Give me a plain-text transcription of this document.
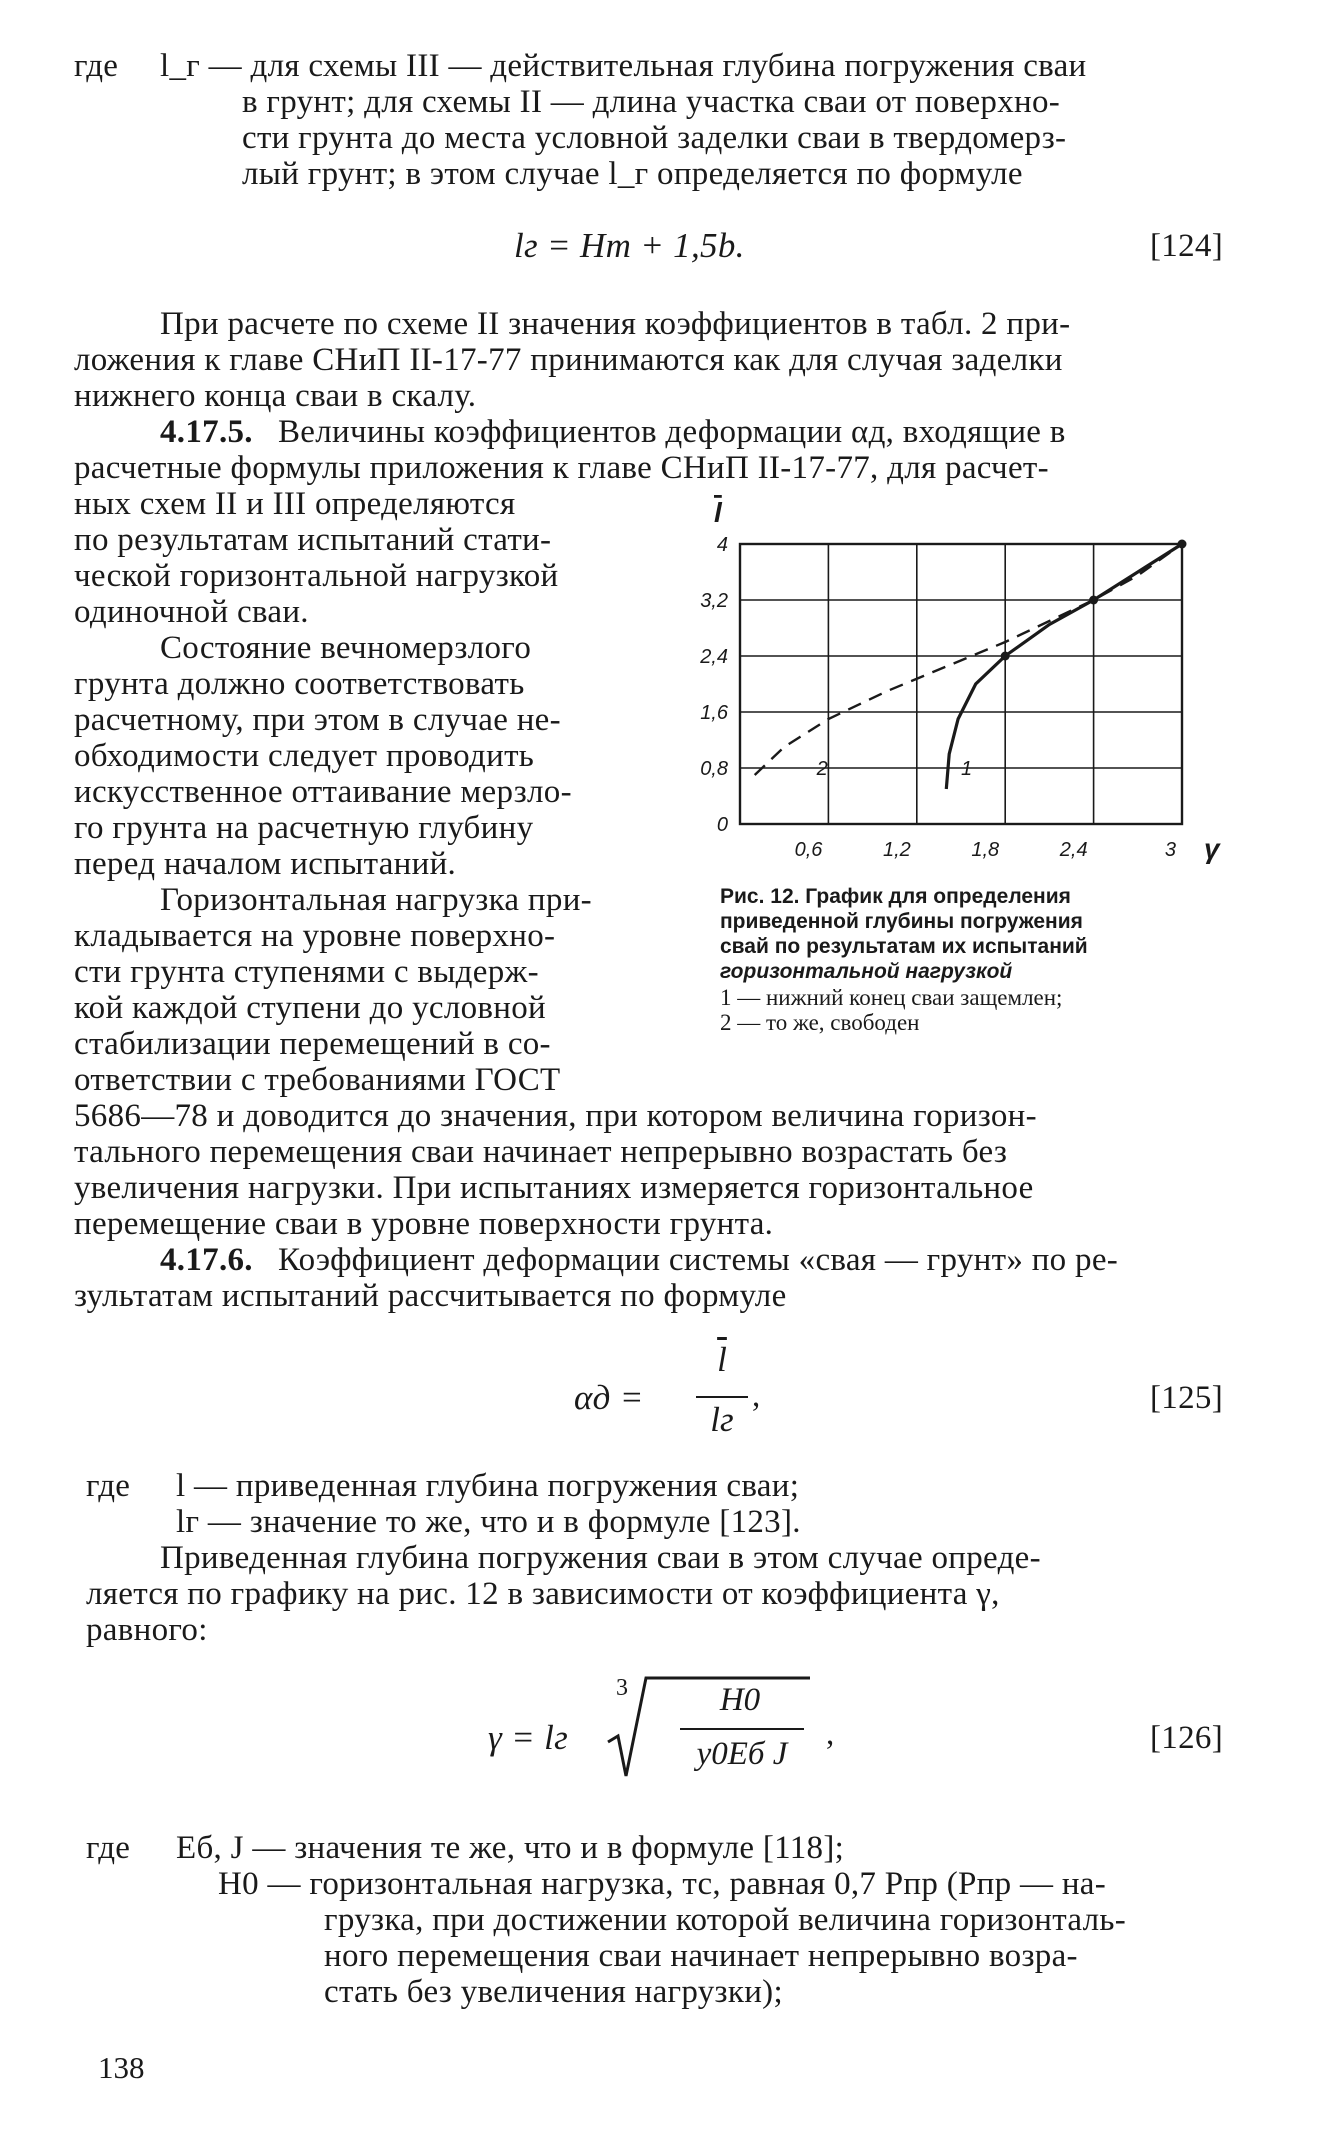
где l_г — для схемы III — действительная глубина погружения сваи
в грунт; для схемы II — длина участка сваи от поверхно-
сти грунта до места условной заделки сваи в твердомерз-
лый грунт; в этом случае l_г определяется по формуле
lг = Hт + 1,5b.	[124]
При расчете по схеме II значения коэффициентов в табл. 2 при-
ложения к главе СНиП II-17-77 принимаются как для случая заделки
нижнего конца сваи в скалу.
4.17.5. Величины коэффициентов деформации αд, входящие в
расчетные формулы приложения к главе СНиП II-17-77, для расчет-
ных схем II и III определяются
по результатам испытаний стати-
ческой горизонтальной нагрузкой
одиночной сваи.
Состояние вечномерзлого
грунта должно соответствовать
расчетному, при этом в случае не-
обходимости следует проводить
искусственное оттаивание мерзло-
го грунта на расчетную глубину
перед началом испытаний.
Горизонтальная нагрузка при-
кладывается на уровне поверхно-
сти грунта ступенями с выдерж-
кой каждой ступени до условной
стабилизации перемещений в со-
ответствии с требованиями ГОСТ
5686—78 и доводится до значения, при котором величина горизон-
тального перемещения сваи начинает непрерывно возрастать без
увеличения нагрузки. При испытаниях измеряется горизонтальное
перемещение сваи в уровне поверхности грунта.
4.17.6. Коэффициент деформации системы «свая — грунт» по ре-
зультатам испытаний рассчитывается по формуле
αд =
$\overline{l}$
lг
,	[125]
где l — приведенная глубина погружения сваи;
lг — значение то же, что и в формуле [123].
Приведенная глубина погружения сваи в этом случае опреде-
ляется по графику на рис. 12 в зависимости от коэффициента γ,
равного:
γ = lг
3	H0
y0Eб J
,	[126]
где Eб, J — значения те же, что и в формуле [118];
H0 — горизонтальная нагрузка, тс, равная 0,7 Pпр (Pпр — на-
грузка, при достижении которой величина горизонталь-
ного перемещения сваи начинает непрерывно возра-
стать без увеличения нагрузки);
138
0,6	1,2	1,8	2,4	3
0
0,8
1,6
2,4
3,2
4
γ
l
1
2
Рис. 12. График для определения
приведенной глубины погружения
свай по результатам их испытаний
горизонтальной нагрузкой
1 — нижний конец сваи защемлен;
2 — то же, свободен
